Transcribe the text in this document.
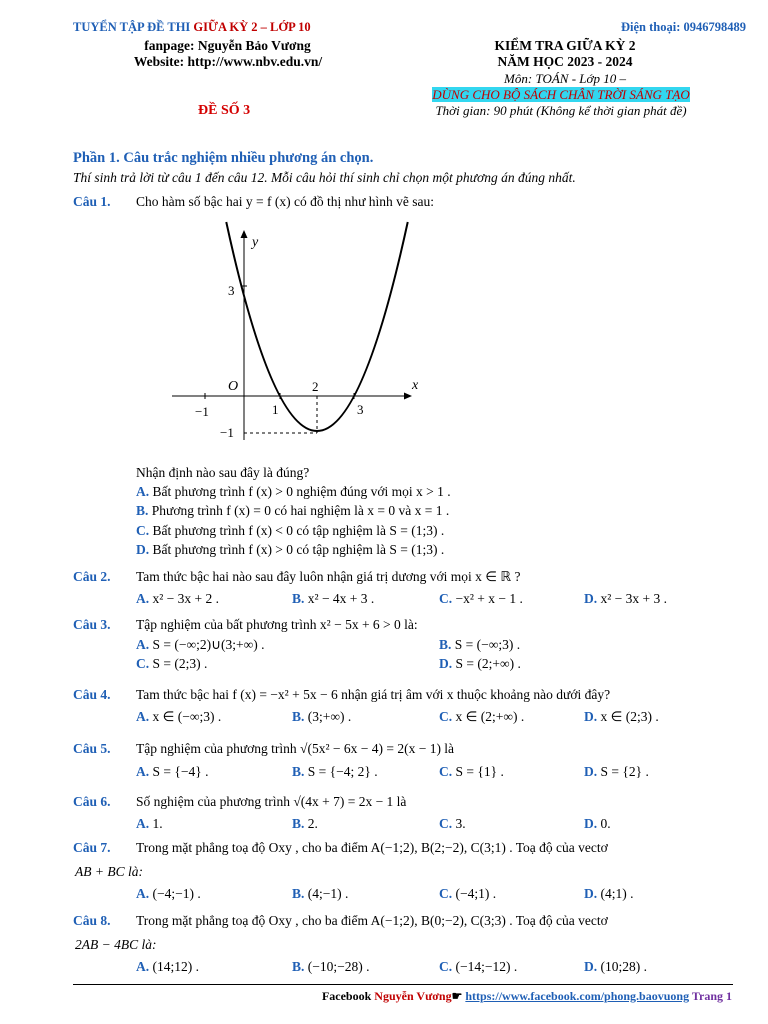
TUYỂN TẬP ĐỀ THI GIỮA KỲ 2 – LỚP 10	Điện thoại: 0946798489
fanpage: Nguyễn Bảo Vương
Website: http://www.nbv.edu.vn/
KIỂM TRA GIỮA KỲ 2
NĂM HỌC 2023 - 2024
Môn: TOÁN - Lớp 10 –
DÙNG CHO BỘ SÁCH CHÂN TRỜI SÁNG TẠO
Thời gian: 90 phút (Không kể thời gian phát đề)
ĐỀ SỐ 3
Phần 1. Câu trắc nghiệm nhiều phương án chọn.
Thí sinh trả lời từ câu 1 đến câu 12. Mỗi câu hỏi thí sinh chỉ chọn một phương án đúng nhất.
Câu 1. Cho hàm số bậc hai y = f (x) có đồ thị như hình vẽ sau:
y
x
O
3
2
−1	1	3
−1
Nhận định nào sau đây là đúng?
A. Bất phương trình f (x) > 0 nghiệm đúng với mọi x > 1 .
B. Phương trình f (x) = 0 có hai nghiệm là x = 0 và x = 1 .
C. Bất phương trình f (x) < 0 có tập nghiệm là S = (1;3) .
D. Bất phương trình f (x) > 0 có tập nghiệm là S = (1;3) .
Câu 2. Tam thức bậc hai nào sau đây luôn nhận giá trị dương với mọi x ∈ ℝ ?
A. x² − 3x + 2 .	B. x² − 4x + 3 .	C. −x² + x − 1 .	D. x² − 3x + 3 .
Câu 3. Tập nghiệm của bất phương trình x² − 5x + 6 > 0 là:
A. S = (−∞;2)∪(3;+∞) .	B. S = (−∞;3) .
C. S = (2;3) .	D. S = (2;+∞) .
Câu 4. Tam thức bậc hai f (x) = −x² + 5x − 6 nhận giá trị âm với x thuộc khoảng nào dưới đây?
A. x ∈ (−∞;3) .	B. (3;+∞) .	C. x ∈ (2;+∞) .	D. x ∈ (2;3) .
Câu 5. Tập nghiệm của phương trình √(5x² − 6x − 4) = 2(x − 1) là
A. S = {−4} .	B. S = {−4; 2} .	C. S = {1} .	D. S = {2} .
Câu 6. Số nghiệm của phương trình √(4x + 7) = 2x − 1 là
A. 1.	B. 2.	C. 3.	D. 0.
Câu 7. Trong mặt phẳng toạ độ Oxy , cho ba điểm A(−1;2), B(2;−2), C(3;1) . Toạ độ của vectơ
AB + BC là:
A. (−4;−1) .	B. (4;−1) .	C. (−4;1) .	D. (4;1) .
Câu 8. Trong mặt phẳng toạ độ Oxy , cho ba điểm A(−1;2), B(0;−2), C(3;3) . Toạ độ của vectơ
2AB − 4BC là:
A. (14;12) .	B. (−10;−28) .	C. (−14;−12) .	D. (10;28) .
Facebook Nguyễn Vương☛ https://www.facebook.com/phong.baovuong Trang 1
